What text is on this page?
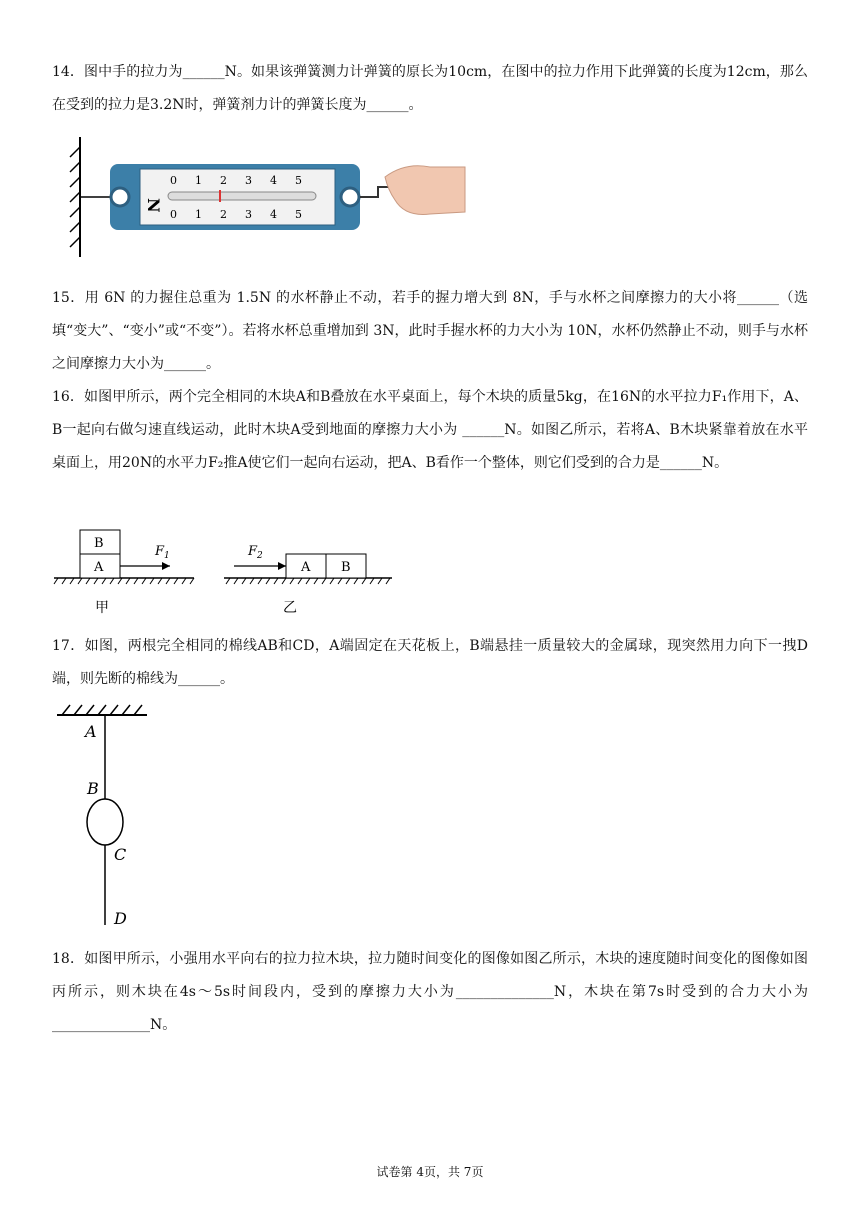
14．图中手的拉力为______N。如果该弹簧测力计弹簧的原长为10cm，在图中的拉力作用下此弹簧的长度为12cm，那么在受到的拉力是3.2N时，弹簧剂力计的弹簧长度为______。
N
0 1 2 3 4 5
0 1 2 3 4 5
15．用 6N 的力握住总重为 1.5N 的水杯静止不动，若手的握力增大到 8N，手与水杯之间摩擦力的大小将______（选填“变大”、“变小”或“不变”）。若将水杯总重增加到 3N，此时手握水杯的力大小为 10N，水杯仍然静止不动，则手与水杯之间摩擦力大小为______。
16．如图甲所示，两个完全相同的木块A和B叠放在水平桌面上，每个木块的质量5kg，在16N的水平拉力F₁作用下，A、B一起向右做匀速直线运动，此时木块A受到地面的摩擦力大小为 ______N。如图乙所示，若将A、B木块紧靠着放在水平桌面上，用20N的水平力F₂推A使它们一起向右运动，把A、B看作一个整体，则它们受到的合力是______N。
B
A
$F_1$
甲
A B
$F_2$
乙
17．如图，两根完全相同的棉线AB和CD，A端固定在天花板上，B端悬挂一质量较大的金属球，现突然用力向下一拽D端，则先断的棉线为______。
A
B
C
D
18．如图甲所示，小强用水平向右的拉力拉木块，拉力随时间变化的图像如图乙所示，木块的速度随时间变化的图像如图丙所示，则木块在4s～5s时间段内，受到的摩擦力大小为______________N，木块在第7s时受到的合力大小为______________N。
试卷第 4页，共 7页
